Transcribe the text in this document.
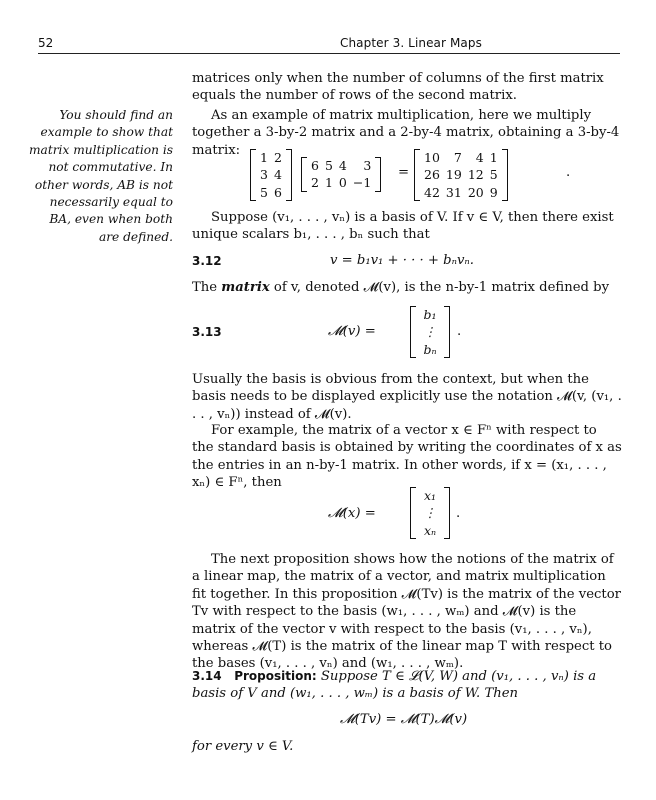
52	Chapter 3. Linear Maps
You should find an example to show that matrix multiplication is not commutative. In other words, AB is not necessarily equal to BA, even when both are defined.

matrices only when the number of columns of the first matrix equals the number of rows of the second matrix.

As an example of matrix multiplication, here we multiply together a 3-by-2 matrix and a 2-by-4 matrix, obtaining a 3-by-4 matrix:	1 2
3 4
5 6
6 5 4	3
2 1 0 −1
=
10	7	4 1
26 19 12 5
42 31 20 9
.

Suppose (v₁, . . . , vₙ) is a basis of V. If v ∈ V, then there exist unique scalars b₁, . . . , bₙ such that

3.12	v = b₁v₁ + · · · + bₙvₙ.

The matrix of v, denoted 𝓜(v), is the n-by-1 matrix defined by

3.13	𝓜(v) =
b₁
⋮
bₙ
.

Usually the basis is obvious from the context, but when the basis needs to be displayed explicitly use the notation 𝓜(v, (v₁, . . . , vₙ)) instead of 𝓜(v).

For example, the matrix of a vector x ∈ Fⁿ with respect to the standard basis is obtained by writing the coordinates of x as the entries in an n-by-1 matrix. In other words, if x = (x₁, . . . , xₙ) ∈ Fⁿ, then

𝓜(x) =
x₁
⋮
xₙ
.

The next proposition shows how the notions of the matrix of a linear map, the matrix of a vector, and matrix multiplication fit together. In this proposition 𝓜(Tv) is the matrix of the vector Tv with respect to the basis (w₁, . . . , wₘ) and 𝓜(v) is the matrix of the vector v with respect to the basis (v₁, . . . , vₙ), whereas 𝓜(T) is the matrix of the linear map T with respect to the bases (v₁, . . . , vₙ) and (w₁, . . . , wₘ).

3.14 Proposition: Suppose T ∈ 𝓛(V, W) and (v₁, . . . , vₙ) is a basis of V and (w₁, . . . , wₘ) is a basis of W. Then

𝓜(Tv) = 𝓜(T)𝓜(v)
for every v ∈ V.
